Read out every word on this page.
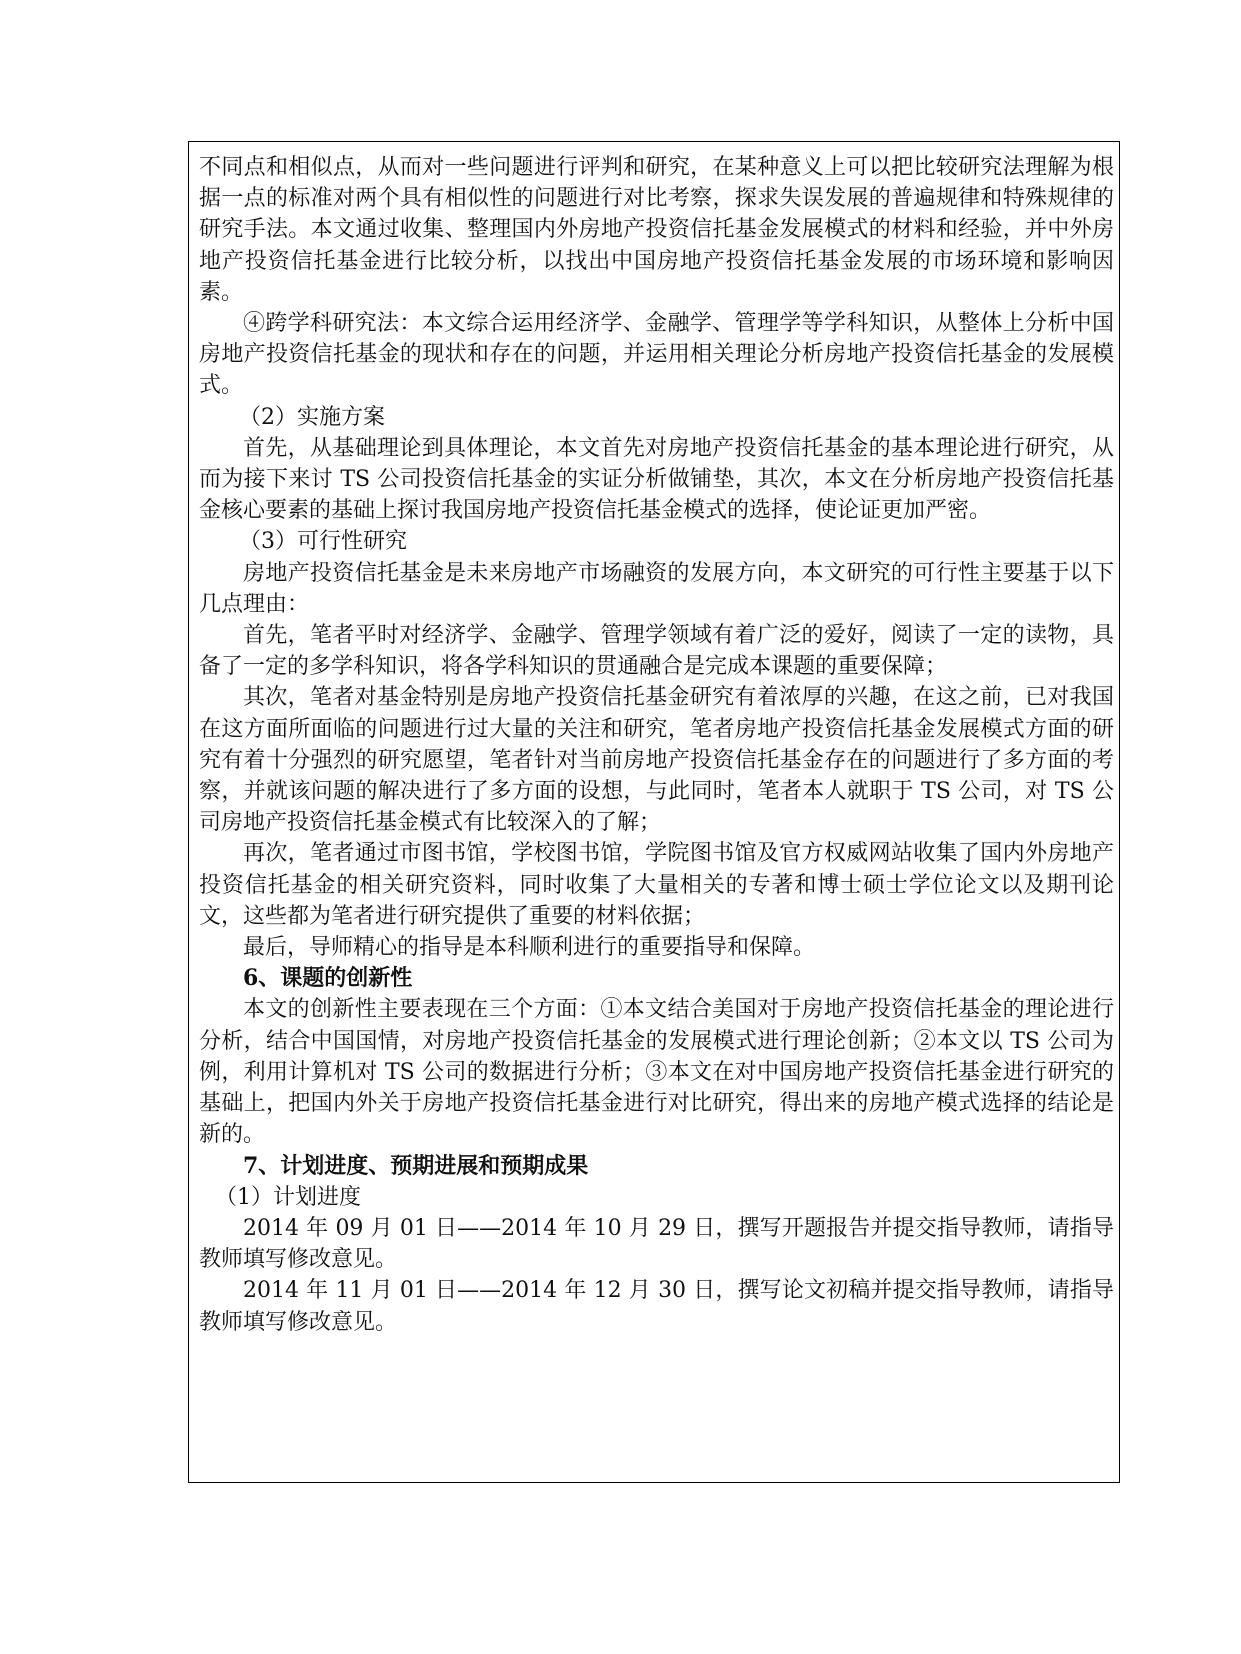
不同点和相似点，从而对一些问题进行评判和研究，在某种意义上可以把比较研究法理解为根据一点的标准对两个具有相似性的问题进行对比考察，探求失误发展的普遍规律和特殊规律的研究手法。本文通过收集、整理国内外房地产投资信托基金发展模式的材料和经验，并中外房地产投资信托基金进行比较分析，以找出中国房地产投资信托基金发展的市场环境和影响因素。

④跨学科研究法：本文综合运用经济学、金融学、管理学等学科知识，从整体上分析中国房地产投资信托基金的现状和存在的问题，并运用相关理论分析房地产投资信托基金的发展模式。

（2）实施方案

首先，从基础理论到具体理论，本文首先对房地产投资信托基金的基本理论进行研究，从而为接下来讨 TS 公司投资信托基金的实证分析做铺垫，其次，本文在分析房地产投资信托基金核心要素的基础上探讨我国房地产投资信托基金模式的选择，使论证更加严密。

（3）可行性研究

房地产投资信托基金是未来房地产市场融资的发展方向，本文研究的可行性主要基于以下几点理由：

首先，笔者平时对经济学、金融学、管理学领域有着广泛的爱好，阅读了一定的读物，具备了一定的多学科知识，将各学科知识的贯通融合是完成本课题的重要保障；

其次，笔者对基金特别是房地产投资信托基金研究有着浓厚的兴趣，在这之前，已对我国在这方面所面临的问题进行过大量的关注和研究，笔者房地产投资信托基金发展模式方面的研究有着十分强烈的研究愿望，笔者针对当前房地产投资信托基金存在的问题进行了多方面的考察，并就该问题的解决进行了多方面的设想，与此同时，笔者本人就职于 TS 公司，对 TS 公司房地产投资信托基金模式有比较深入的了解；

再次，笔者通过市图书馆，学校图书馆，学院图书馆及官方权威网站收集了国内外房地产投资信托基金的相关研究资料，同时收集了大量相关的专著和博士硕士学位论文以及期刊论文，这些都为笔者进行研究提供了重要的材料依据；

最后，导师精心的指导是本科顺利进行的重要指导和保障。

6、课题的创新性

本文的创新性主要表现在三个方面：①本文结合美国对于房地产投资信托基金的理论进行分析，结合中国国情，对房地产投资信托基金的发展模式进行理论创新；②本文以 TS 公司为例，利用计算机对 TS 公司的数据进行分析；③本文在对中国房地产投资信托基金进行研究的基础上，把国内外关于房地产投资信托基金进行对比研究，得出来的房地产模式选择的结论是新的。

7、计划进度、预期进展和预期成果

（1）计划进度

2014 年 09 月 01 日——2014 年 10 月 29 日，撰写开题报告并提交指导教师，请指导教师填写修改意见。

2014 年 11 月 01 日——2014 年 12 月 30 日，撰写论文初稿并提交指导教师，请指导教师填写修改意见。
